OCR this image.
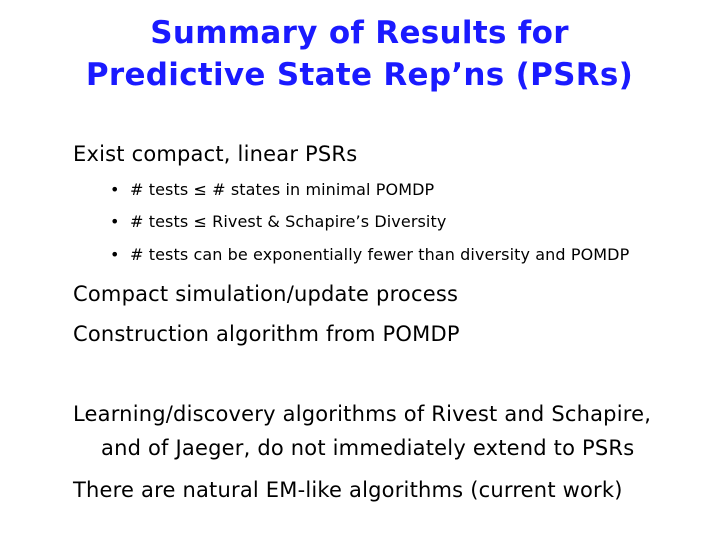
Summary of Results for
Predictive State Rep’ns (PSRs)
Exist compact, linear PSRs
• # tests ≤ # states in minimal POMDP
• # tests ≤ Rivest & Schapire’s Diversity
• # tests can be exponentially fewer than diversity and POMDP
Compact simulation/update process
Construction algorithm from POMDP
Learning/discovery algorithms of Rivest and Schapire,
and of Jaeger, do not immediately extend to PSRs
There are natural EM-like algorithms (current work)
